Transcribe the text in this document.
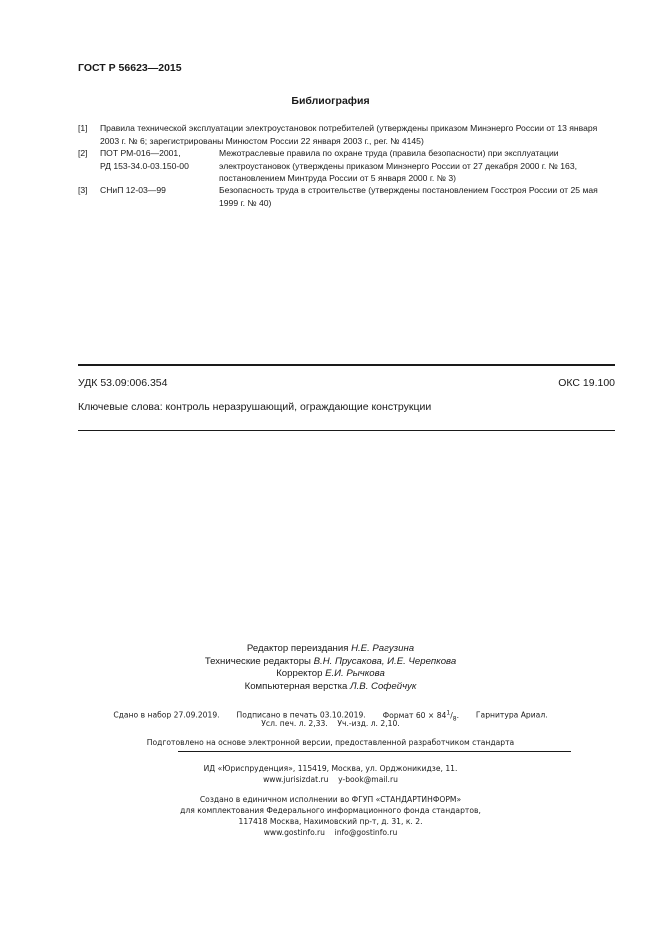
ГОСТ Р 56623—2015
Библиография
[1] Правила технической эксплуатации электроустановок потребителей (утверждены приказом Минэнерго России от 13 января 2003 г. № 6; зарегистрированы Минюстом России 22 января 2003 г., рег. № 4145)
[2] ПОТ РМ-016—2001,
РД 153-34.0-03.150-00
Межотраслевые правила по охране труда (правила безопасности) при эксплуатации электроустановок (утверждены приказом Минэнерго России от 27 декабря 2000 г. № 163, постановлением Минтруда России от 5 января 2000 г. № 3)
[3] СНиП 12-03—99	Безопасность труда в строительстве (утверждены постановлением Госстроя России от 25 мая 1999 г. № 40)
УДК 53.09:006.354	ОКС 19.100
Ключевые слова: контроль неразрушающий, ограждающие конструкции
Редактор переиздания Н.Е. Рагузина
Технические редакторы В.Н. Прусакова, И.Е. Черепкова
Корректор Е.И. Рычкова
Компьютерная верстка Л.В. Софейчук
Сдано в набор 27.09.2019. Подписано в печать 03.10.2019. Формат $60 \times 84^1/_8$. Гарнитура Ариал.
Усл. печ. л. 2,33.    Уч.-изд. л. 2,10.
Подготовлено на основе электронной версии, предоставленной разработчиком стандарта
ИД «Юриспруденция», 115419, Москва, ул. Орджоникидзе, 11.
www.jurisizdat.ru    y-book@mail.ru
Создано в единичном исполнении во ФГУП «СТАНДАРТИНФОРМ»
для комплектования Федерального информационного фонда стандартов,
117418 Москва, Нахимовский пр-т, д. 31, к. 2.
www.gostinfo.ru    info@gostinfo.ru
